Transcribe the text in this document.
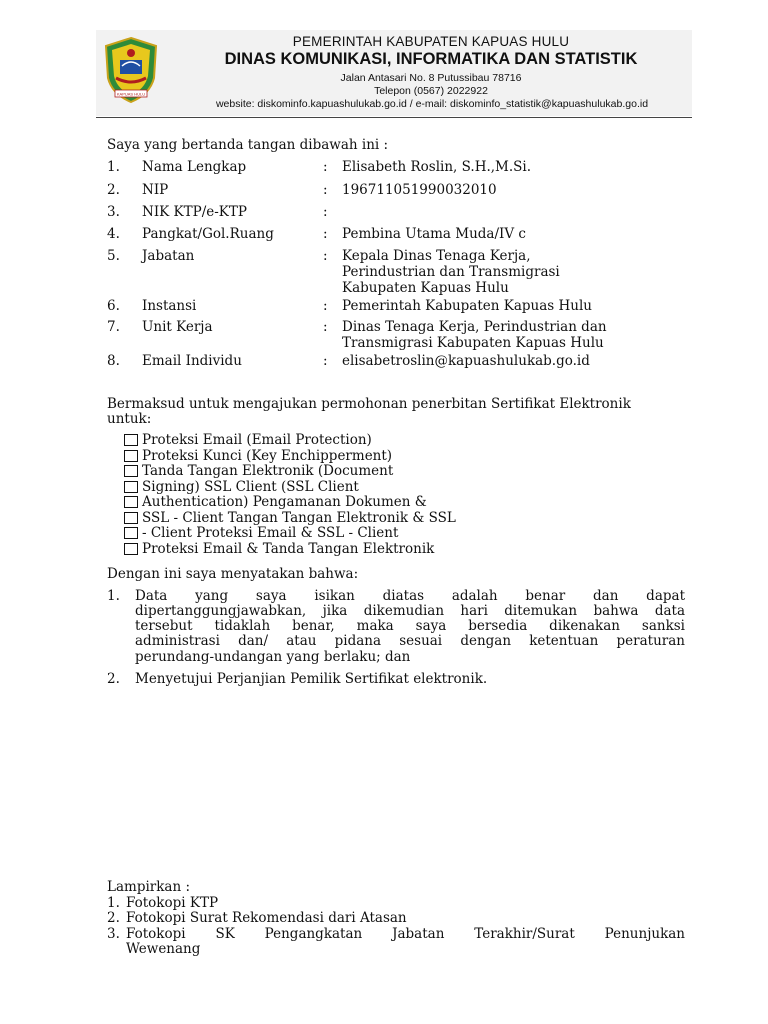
KAPUAS HULU
PEMERINTAH KABUPATEN KAPUAS HULU
DINAS KOMUNIKASI, INFORMATIKA DAN STATISTIK
Jalan Antasari No. 8 Putussibau 78716
Telepon (0567) 2022922
website: diskominfo.kapuashulukab.go.id / e-mail: diskominfo_statistik@kapuashulukab.go.id
Saya yang bertanda tangan dibawah ini :
1. Nama Lengkap	: Elisabeth Roslin, S.H.,M.Si.
2. NIP	: 196711051990032010
3. NIK KTP/e-KTP	:
4. Pangkat/Gol.Ruang	: Pembina Utama Muda/IV c
5. Jabatan	: Kepala Dinas Tenaga Kerja,
Perindustrian dan Transmigrasi
Kabupaten Kapuas Hulu
6. Instansi	: Pemerintah Kabupaten Kapuas Hulu
7. Unit Kerja	: Dinas Tenaga Kerja, Perindustrian dan
Transmigrasi Kabupaten Kapuas Hulu
8. Email Individu	: elisabetroslin@kapuashulukab.go.id
Bermaksud untuk mengajukan permohonan penerbitan Sertifikat Elektronik
untuk:
Proteksi Email (Email Protection)
Proteksi Kunci (Key Enchipperment)
Tanda Tangan Elektronik (Document
Signing) SSL Client (SSL Client
Authentication) Pengamanan Dokumen &
SSL - Client Tangan Tangan Elektronik & SSL
- Client Proteksi Email & SSL - Client
Proteksi Email & Tanda Tangan Elektronik
Dengan ini saya menyatakan bahwa:
1. Data yang saya isikan diatas adalah benar dan dapat
dipertanggungjawabkan, jika dikemudian hari ditemukan bahwa data
tersebut tidaklah benar, maka saya bersedia dikenakan sanksi
administrasi dan/ atau pidana sesuai dengan ketentuan peraturan
perundang-undangan yang berlaku; dan
2. Menyetujui Perjanjian Pemilik Sertifikat elektronik.
Lampirkan :
1. Fotokopi KTP
2. Fotokopi Surat Rekomendasi dari Atasan
3. Fotokopi SK Pengangkatan Jabatan Terakhir/Surat Penunjukan
Wewenang
